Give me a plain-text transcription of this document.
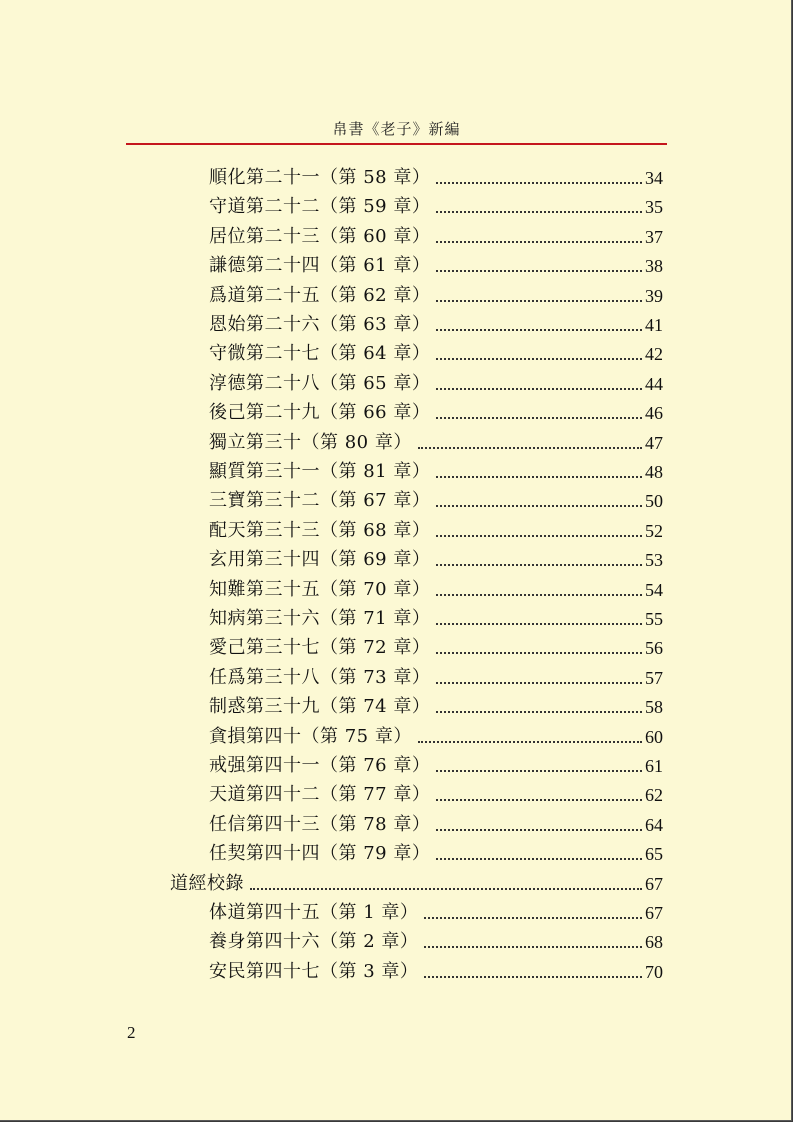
帛書《老子》新編
順化第二十一（第 58 章）	34
守道第二十二（第 59 章）	35
居位第二十三（第 60 章）	37
謙德第二十四（第 61 章）	38
爲道第二十五（第 62 章）	39
恩始第二十六（第 63 章）	41
守微第二十七（第 64 章）	42
淳德第二十八（第 65 章）	44
後己第二十九（第 66 章）	46
獨立第三十（第 80 章）	47
顯質第三十一（第 81 章）	48
三寶第三十二（第 67 章）	50
配天第三十三（第 68 章）	52
玄用第三十四（第 69 章）	53
知難第三十五（第 70 章）	54
知病第三十六（第 71 章）	55
愛己第三十七（第 72 章）	56
任爲第三十八（第 73 章）	57
制惑第三十九（第 74 章）	58
貪損第四十（第 75 章）	60
戒强第四十一（第 76 章）	61
天道第四十二（第 77 章）	62
任信第四十三（第 78 章）	64
任契第四十四（第 79 章）	65
道經校錄	67
体道第四十五（第 1 章）	67
養身第四十六（第 2 章）	68
安民第四十七（第 3 章）	70
2
